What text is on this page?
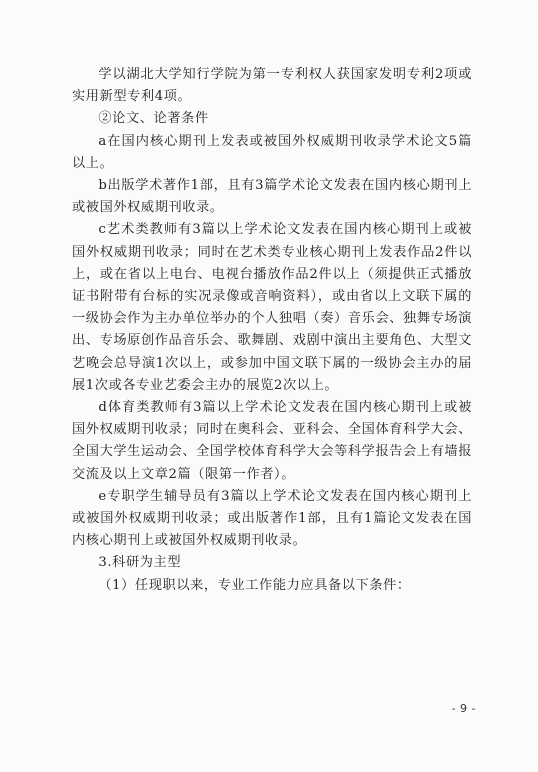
学以湖北大学知行学院为第一专利权人获国家发明专利2项或实用新型专利4项。

②论文、论著条件

a在国内核心期刊上发表或被国外权威期刊收录学术论文5篇以上。

b出版学术著作1部，且有3篇学术论文发表在国内核心期刊上或被国外权威期刊收录。

c艺术类教师有3篇以上学术论文发表在国内核心期刊上或被国外权威期刊收录；同时在艺术类专业核心期刊上发表作品2件以上，或在省以上电台、电视台播放作品2件以上（须提供正式播放证书附带有台标的实况录像或音响资料），或由省以上文联下属的一级协会作为主办单位举办的个人独唱（奏）音乐会、独舞专场演出、专场原创作品音乐会、歌舞剧、戏剧中演出主要角色、大型文艺晚会总导演1次以上，或参加中国文联下属的一级协会主办的届展1次或各专业艺委会主办的展览2次以上。

d体育类教师有3篇以上学术论文发表在国内核心期刊上或被国外权威期刊收录；同时在奥科会、亚科会、全国体育科学大会、全国大学生运动会、全国学校体育科学大会等科学报告会上有墙报交流及以上文章2篇（限第一作者）。

e专职学生辅导员有3篇以上学术论文发表在国内核心期刊上或被国外权威期刊收录；或出版著作1部，且有1篇论文发表在国内核心期刊上或被国外权威期刊收录。

3.科研为主型

（1）任现职以来，专业工作能力应具备以下条件：

- 9 -
